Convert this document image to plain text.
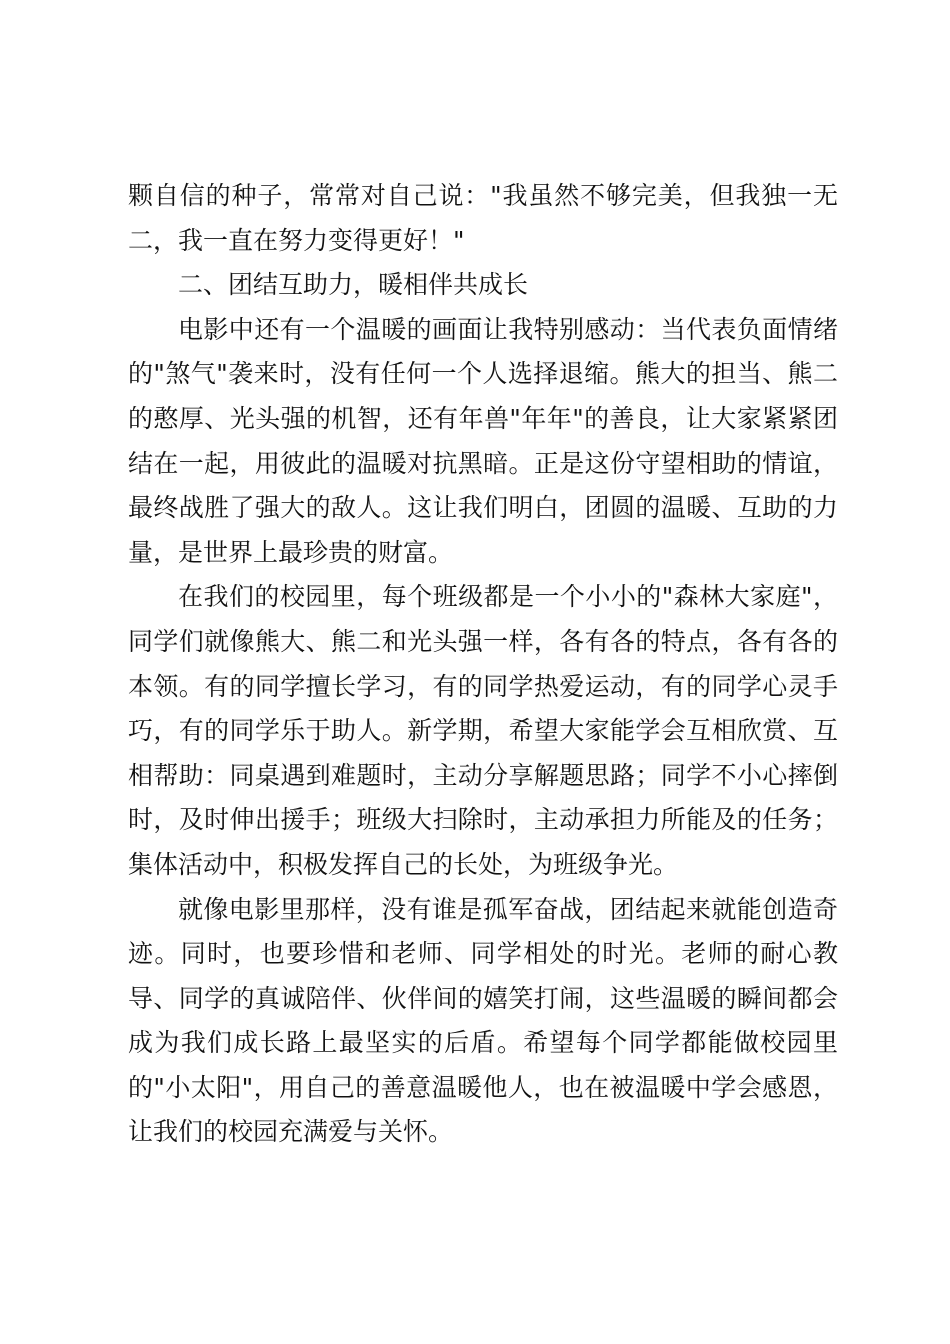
颗自信的种子，常常对自己说："我虽然不够完美，但我独一无二，我一直在努力变得更好！"

二、团结互助力，暖相伴共成长

电影中还有一个温暖的画面让我特别感动：当代表负面情绪的"煞气"袭来时，没有任何一个人选择退缩。熊大的担当、熊二的憨厚、光头强的机智，还有年兽"年年"的善良，让大家紧紧团结在一起，用彼此的温暖对抗黑暗。正是这份守望相助的情谊，最终战胜了强大的敌人。这让我们明白，团圆的温暖、互助的力量，是世界上最珍贵的财富。

在我们的校园里，每个班级都是一个小小的"森林大家庭"，同学们就像熊大、熊二和光头强一样，各有各的特点，各有各的本领。有的同学擅长学习，有的同学热爱运动，有的同学心灵手巧，有的同学乐于助人。新学期，希望大家能学会互相欣赏、互相帮助：同桌遇到难题时，主动分享解题思路；同学不小心摔倒时，及时伸出援手；班级大扫除时，主动承担力所能及的任务；集体活动中，积极发挥自己的长处，为班级争光。

就像电影里那样，没有谁是孤军奋战，团结起来就能创造奇迹。同时，也要珍惜和老师、同学相处的时光。老师的耐心教导、同学的真诚陪伴、伙伴间的嬉笑打闹，这些温暖的瞬间都会成为我们成长路上最坚实的后盾。希望每个同学都能做校园里的"小太阳"，用自己的善意温暖他人，也在被温暖中学会感恩，让我们的校园充满爱与关怀。
